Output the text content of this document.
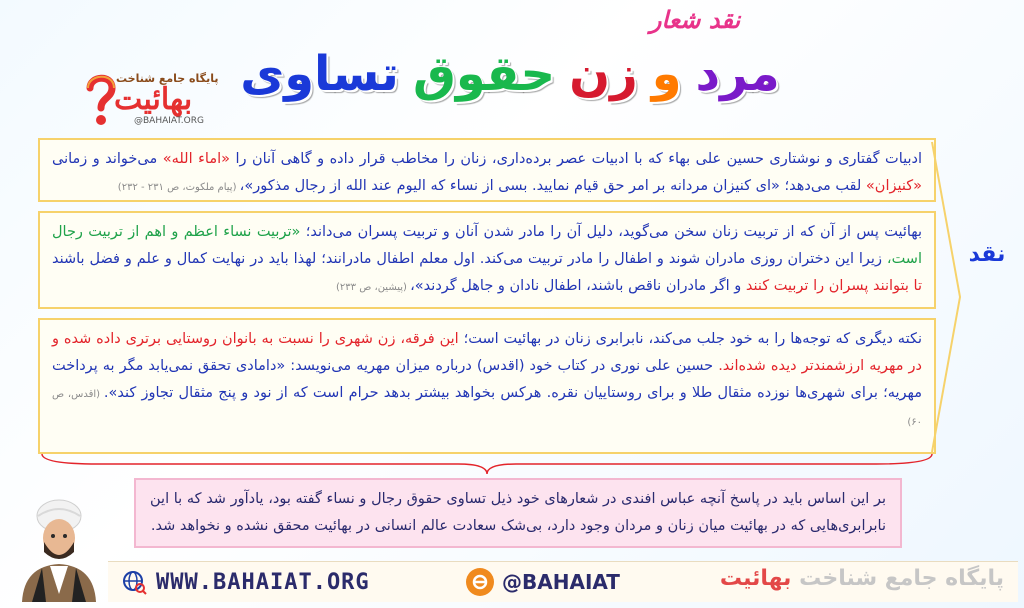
نقد شعار
تساوی حقوق زن و مرد
پایگاه جامع شناخت
بهائیت
@BAHAIAT.ORG
ادبیات گفتاری و نوشتاری حسین علی بهاء که با ادبیات عصر برده‌داری، زنان را مخاطب قرار داده و گاهی آنان را «اماء الله» می‌خواند و زمانی «کنیزان» لقب می‌دهد؛ «ای کنیزان مردانه بر امر حق قیام نمایید. بسی از نساء که الیوم عند الله از رجال مذکور»، (پیام ملکوت، ص ۲۳۱ - ۲۳۲)
بهائیت پس از آن که از تربیت زنان سخن می‌گوید، دلیل آن را مادر شدن آنان و تربیت پسران می‌داند؛ «تربیت نساء اعظم و اهم از تربیت رجال است، زیرا این دختران روزی مادران شوند و اطفال را مادر تربیت می‌کند. اول معلم اطفال مادرانند؛ لهذا باید در نهایت کمال و علم و فضل باشند تا بتوانند پسران را تربیت کنند و اگر مادران ناقص باشند، اطفال نادان و جاهل گردند»، (پیشین، ص ۲۳۳)
نکته دیگری که توجه‌ها را به خود جلب می‌کند، نابرابری زنان در بهائیت است؛ این فرقه، زن شهری را نسبت به بانوان روستایی برتری داده شده و در مهریه ارزشمندتر دیده شده‌اند. حسین علی نوری در کتاب خود (اقدس) درباره میزان مهریه می‌نویسد: «دامادی تحقق نمی‌یابد مگر به پرداخت مهریه؛ برای شهری‌ها نوزده مثقال طلا و برای روستاییان نقره. هرکس بخواهد بیشتر بدهد حرام است که از نود و پنج مثقال تجاوز کند». (اقدس، ص ۶۰)
نقد
بر این اساس باید در پاسخ آنچه عباس افندی در شعارهای خود ذیل تساوی حقوق رجال و نساء گفته بود، یادآور شد که با این نابرابری‌هایی که در بهائیت میان زنان و مردان وجود دارد، بی‌شک سعادت عالم انسانی در بهائیت محقق نشده و نخواهد شد.
WWW.BAHAIAT.ORG	@BAHAIAT	پایگاه جامع شناخت بهائیت
